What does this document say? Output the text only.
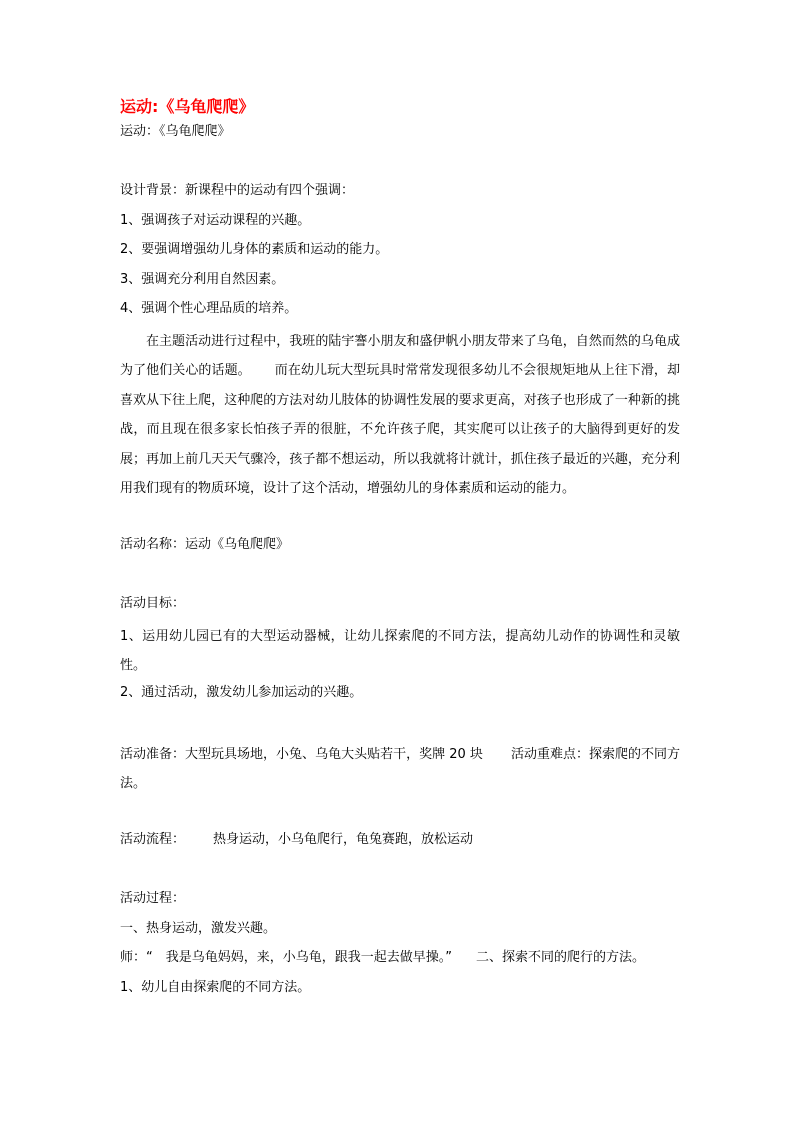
运动:《乌龟爬爬》
运动：《乌龟爬爬》
设计背景：新课程中的运动有四个强调：
1、强调孩子对运动课程的兴趣。
2、要强调增强幼儿身体的素质和运动的能力。
3、强调充分利用自然因素。
4、强调个性心理品质的培养。

在主题活动进行过程中，我班的陆宇謇小朋友和盛伊帆小朋友带来了乌龟，自然而然的乌龟成为了他们关心的话题。 而在幼儿玩大型玩具时常常发现很多幼儿不会很规矩地从上往下滑，却喜欢从下往上爬，这种爬的方法对幼儿肢体的协调性发展的要求更高，对孩子也形成了一种新的挑战，而且现在很多家长怕孩子弄的很脏，不允许孩子爬，其实爬可以让孩子的大脑得到更好的发展；再加上前几天天气骤冷，孩子都不想运动，所以我就将计就计，抓住孩子最近的兴趣，充分利用我们现有的物质环境，设计了这个活动，增强幼儿的身体素质和运动的能力。

活动名称：运动《乌龟爬爬》
活动目标：

1、运用幼儿园已有的大型运动器械，让幼儿探索爬的不同方法，提高幼儿动作的协调性和灵敏性。

2、通过活动，激发幼儿参加运动的兴趣。

活动准备：大型玩具场地，小兔、乌龟大头贴若干，奖牌 20 块 活动重难点：探索爬的不同方法。

活动流程： 热身运动，小乌龟爬行，龟兔赛跑，放松运动
活动过程：
一、热身运动，激发兴趣。
师：“　我是乌龟妈妈，来，小乌龟，跟我一起去做早操。” 二、探索不同的爬行的方法。
1、幼儿自由探索爬的不同方法。
